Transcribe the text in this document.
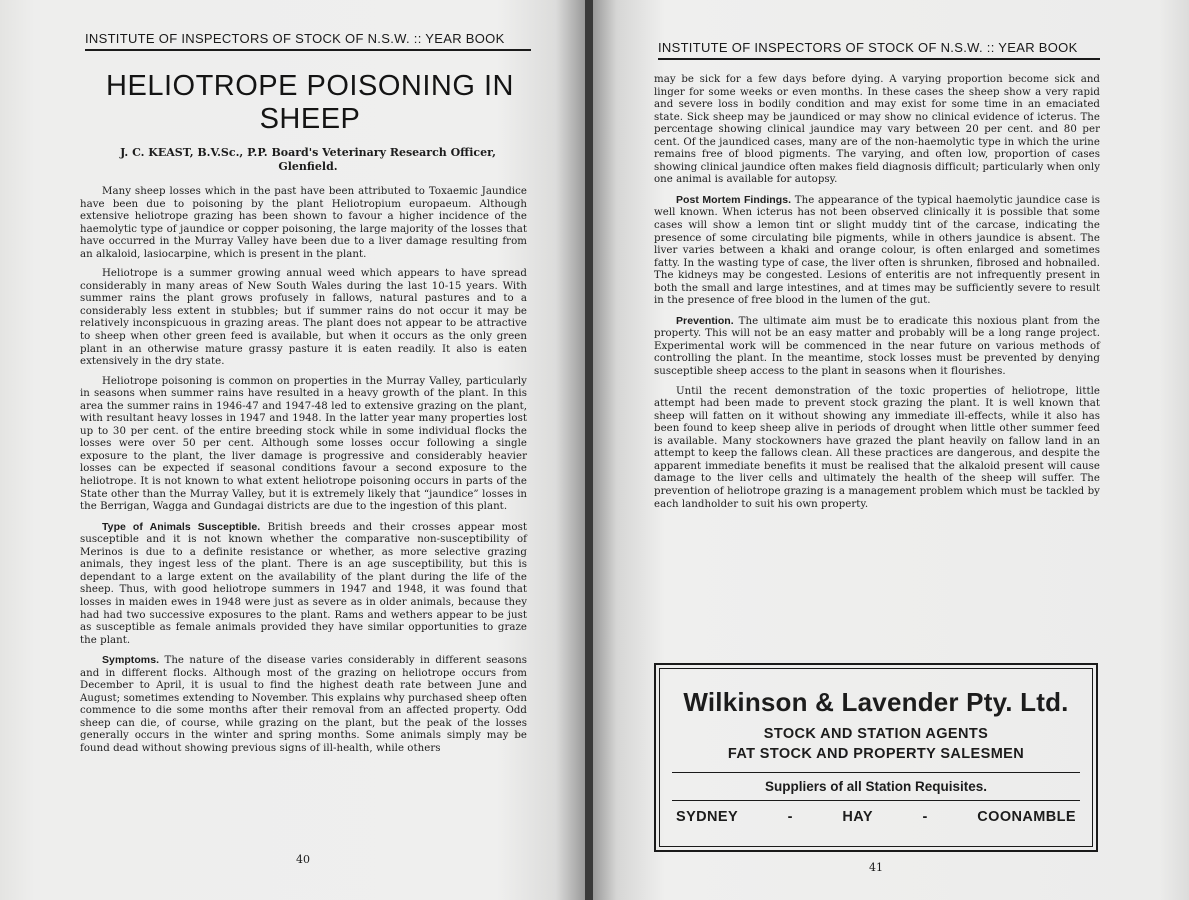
INSTITUTE OF INSPECTORS OF STOCK OF N.S.W. :: YEAR BOOK
HELIOTROPE POISONING IN SHEEP
J. C. KEAST, B.V.Sc., P.P. Board's Veterinary Research Officer,
Glenfield.

Many sheep losses which in the past have been attributed to Toxaemic Jaundice have been due to poisoning by the plant Heliotropium europaeum. Although extensive heliotrope grazing has been shown to favour a higher incidence of the haemolytic type of jaundice or copper poisoning, the large majority of the losses that have occurred in the Murray Valley have been due to a liver damage resulting from an alkaloid, lasiocarpine, which is present in the plant.

Heliotrope is a summer growing annual weed which appears to have spread considerably in many areas of New South Wales during the last 10-15 years. With summer rains the plant grows profusely in fallows, natural pastures and to a considerably less extent in stubbles; but if summer rains do not occur it may be relatively inconspicuous in grazing areas. The plant does not appear to be attractive to sheep when other green feed is available, but when it occurs as the only green plant in an otherwise mature grassy pasture it is eaten readily. It also is eaten extensively in the dry state.

Heliotrope poisoning is common on properties in the Murray Valley, particularly in seasons when summer rains have resulted in a heavy growth of the plant. In this area the summer rains in 1946-47 and 1947-48 led to extensive grazing on the plant, with resultant heavy losses in 1947 and 1948. In the latter year many properties lost up to 30 per cent. of the entire breeding stock while in some individual flocks the losses were over 50 per cent. Although some losses occur following a single exposure to the plant, the liver damage is progressive and considerably heavier losses can be expected if seasonal conditions favour a second exposure to the heliotrope. It is not known to what extent heliotrope poisoning occurs in parts of the State other than the Murray Valley, but it is extremely likely that “jaundice” losses in the Berrigan, Wagga and Gundagai districts are due to the ingestion of this plant.

Type of Animals Susceptible. British breeds and their crosses appear most susceptible and it is not known whether the comparative non-susceptibility of Merinos is due to a definite resistance or whether, as more selective grazing animals, they ingest less of the plant. There is an age susceptibility, but this is dependant to a large extent on the availability of the plant during the life of the sheep. Thus, with good heliotrope summers in 1947 and 1948, it was found that losses in maiden ewes in 1948 were just as severe as in older animals, because they had had two successive exposures to the plant. Rams and wethers appear to be just as susceptible as female animals provided they have similar opportunities to graze the plant.

Symptoms. The nature of the disease varies considerably in different seasons and in different flocks. Although most of the grazing on heliotrope occurs from December to April, it is usual to find the highest death rate between June and August; sometimes extending to November. This explains why purchased sheep often commence to die some months after their removal from an affected property. Odd sheep can die, of course, while grazing on the plant, but the peak of the losses generally occurs in the winter and spring months. Some animals simply may be found dead without showing previous signs of ill-health, while others

40
INSTITUTE OF INSPECTORS OF STOCK OF N.S.W. :: YEAR BOOK
41

may be sick for a few days before dying. A varying proportion become sick and linger for some weeks or even months. In these cases the sheep show a very rapid and severe loss in bodily condition and may exist for some time in an emaciated state. Sick sheep may be jaundiced or may show no clinical evidence of icterus. The percentage showing clinical jaundice may vary between 20 per cent. and 80 per cent. Of the jaundiced cases, many are of the non-haemolytic type in which the urine remains free of blood pigments. The varying, and often low, proportion of cases showing clinical jaundice often makes field diagnosis difficult; particularly when only one animal is available for autopsy.

Post Mortem Findings. The appearance of the typical haemolytic jaundice case is well known. When icterus has not been observed clinically it is possible that some cases will show a lemon tint or slight muddy tint of the carcase, indicating the presence of some circulating bile pigments, while in others jaundice is absent. The liver varies between a khaki and orange colour, is often enlarged and sometimes fatty. In the wasting type of case, the liver often is shrunken, fibrosed and hobnailed. The kidneys may be congested. Lesions of enteritis are not infrequently present in both the small and large intestines, and at times may be sufficiently severe to result in the presence of free blood in the lumen of the gut.

Prevention. The ultimate aim must be to eradicate this noxious plant from the property. This will not be an easy matter and probably will be a long range project. Experimental work will be commenced in the near future on various methods of controlling the plant. In the meantime, stock losses must be prevented by denying susceptible sheep access to the plant in seasons when it flourishes.

Until the recent demonstration of the toxic properties of heliotrope, little attempt had been made to prevent stock grazing the plant. It is well known that sheep will fatten on it without showing any immediate ill-effects, while it also has been found to keep sheep alive in periods of drought when little other summer feed is available. Many stockowners have grazed the plant heavily on fallow land in an attempt to keep the fallows clean. All these practices are dangerous, and despite the apparent immediate benefits it must be realised that the alkaloid present will cause damage to the liver cells and ultimately the health of the sheep will suffer. The prevention of heliotrope grazing is a management problem which must be tackled by each landholder to suit his own property.

Wilkinson & Lavender Pty. Ltd.
STOCK AND STATION AGENTS
FAT STOCK AND PROPERTY SALESMEN
Suppliers of all Station Requisites.
SYDNEY	-	HAY	-	COONAMBLE
